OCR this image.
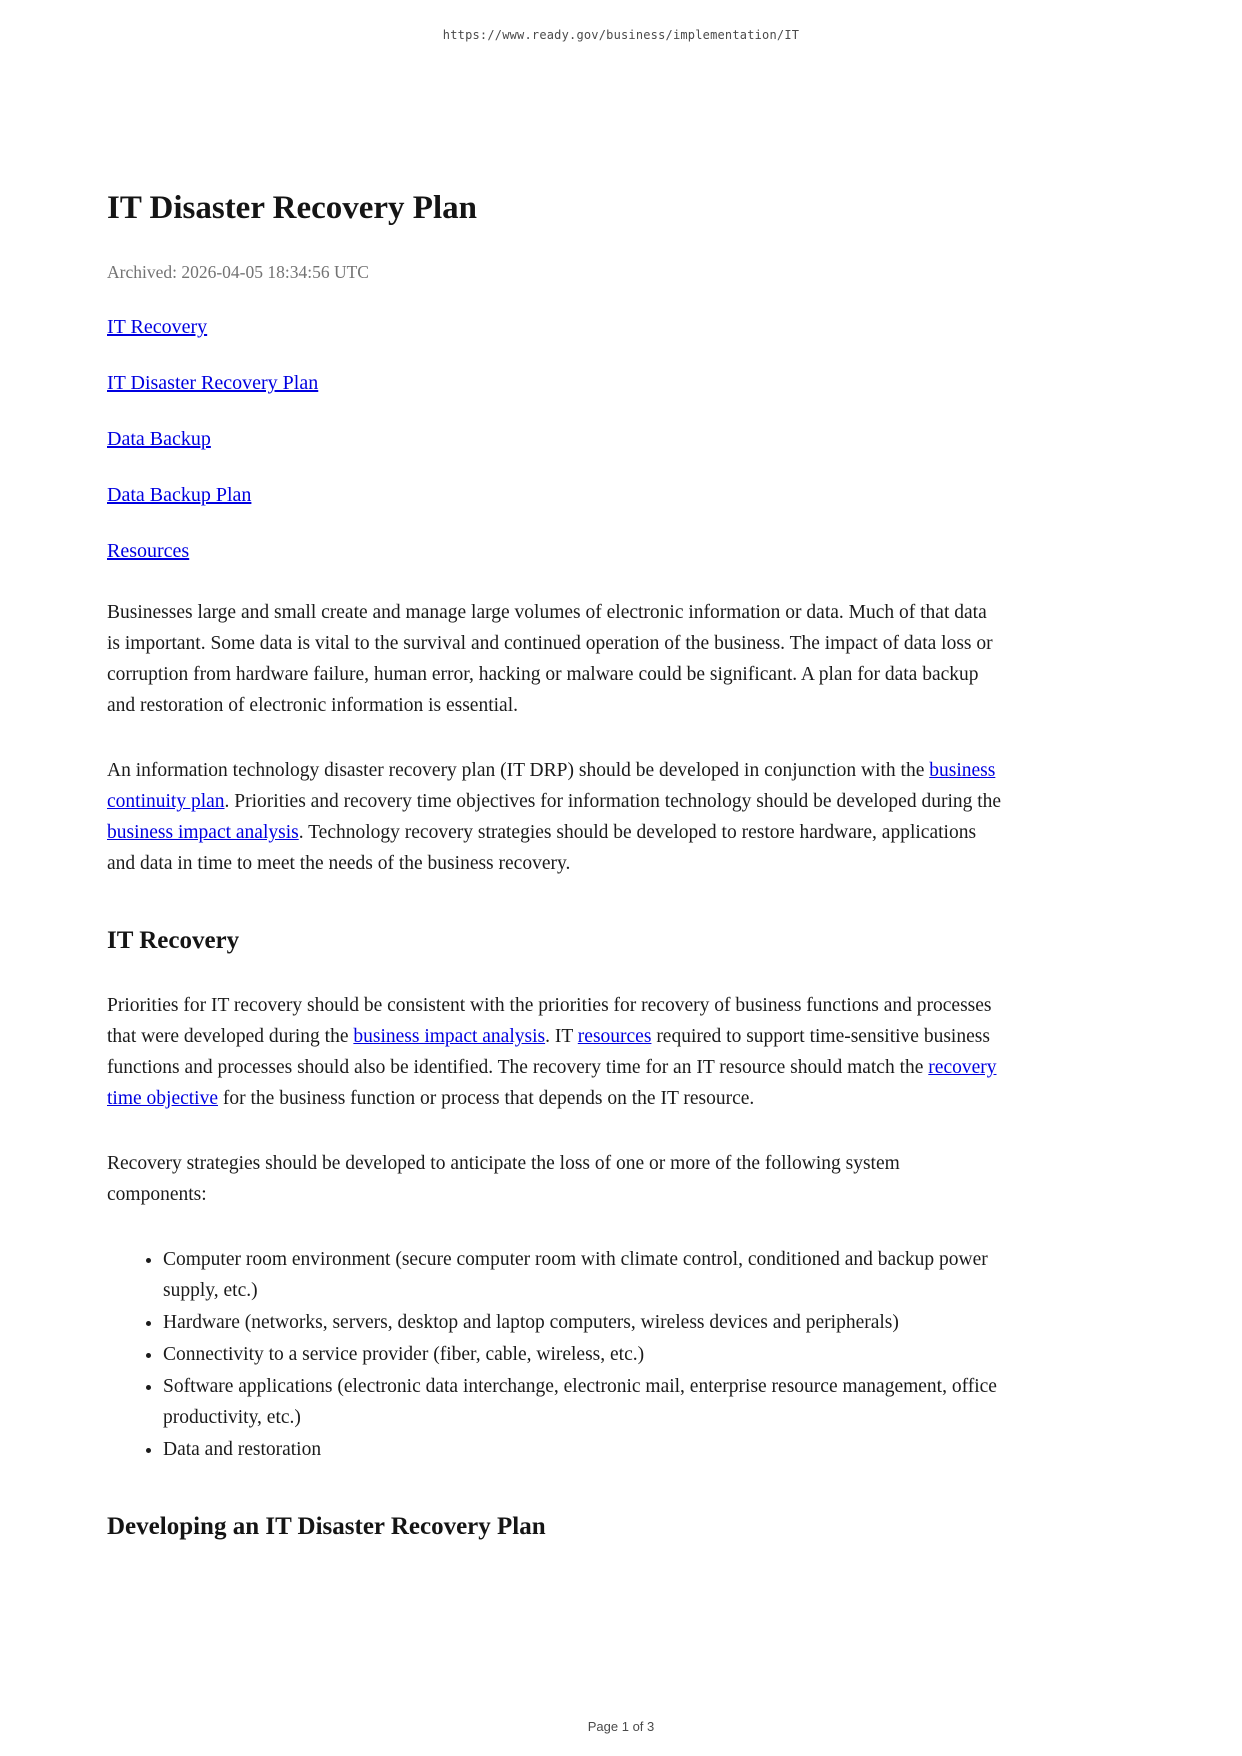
https://www.ready.gov/business/implementation/IT
IT Disaster Recovery Plan

Archived: 2026-04-05 18:34:56 UTC

IT Recovery

IT Disaster Recovery Plan

Data Backup

Data Backup Plan

Resources

Businesses large and small create and manage large volumes of electronic information or data. Much of that data is important. Some data is vital to the survival and continued operation of the business. The impact of data loss or corruption from hardware failure, human error, hacking or malware could be significant. A plan for data backup and restoration of electronic information is essential.

An information technology disaster recovery plan (IT DRP) should be developed in conjunction with the business continuity plan. Priorities and recovery time objectives for information technology should be developed during the business impact analysis. Technology recovery strategies should be developed to restore hardware, applications and data in time to meet the needs of the business recovery.

IT Recovery

Priorities for IT recovery should be consistent with the priorities for recovery of business functions and processes that were developed during the business impact analysis. IT resources required to support time-sensitive business functions and processes should also be identified. The recovery time for an IT resource should match the recovery time objective for the business function or process that depends on the IT resource.

Recovery strategies should be developed to anticipate the loss of one or more of the following system components:

• Computer room environment (secure computer room with climate control, conditioned and backup power supply, etc.)
• Hardware (networks, servers, desktop and laptop computers, wireless devices and peripherals)
• Connectivity to a service provider (fiber, cable, wireless, etc.)
• Software applications (electronic data interchange, electronic mail, enterprise resource management, office productivity, etc.)
• Data and restoration
Developing an IT Disaster Recovery Plan
Page 1 of 3
